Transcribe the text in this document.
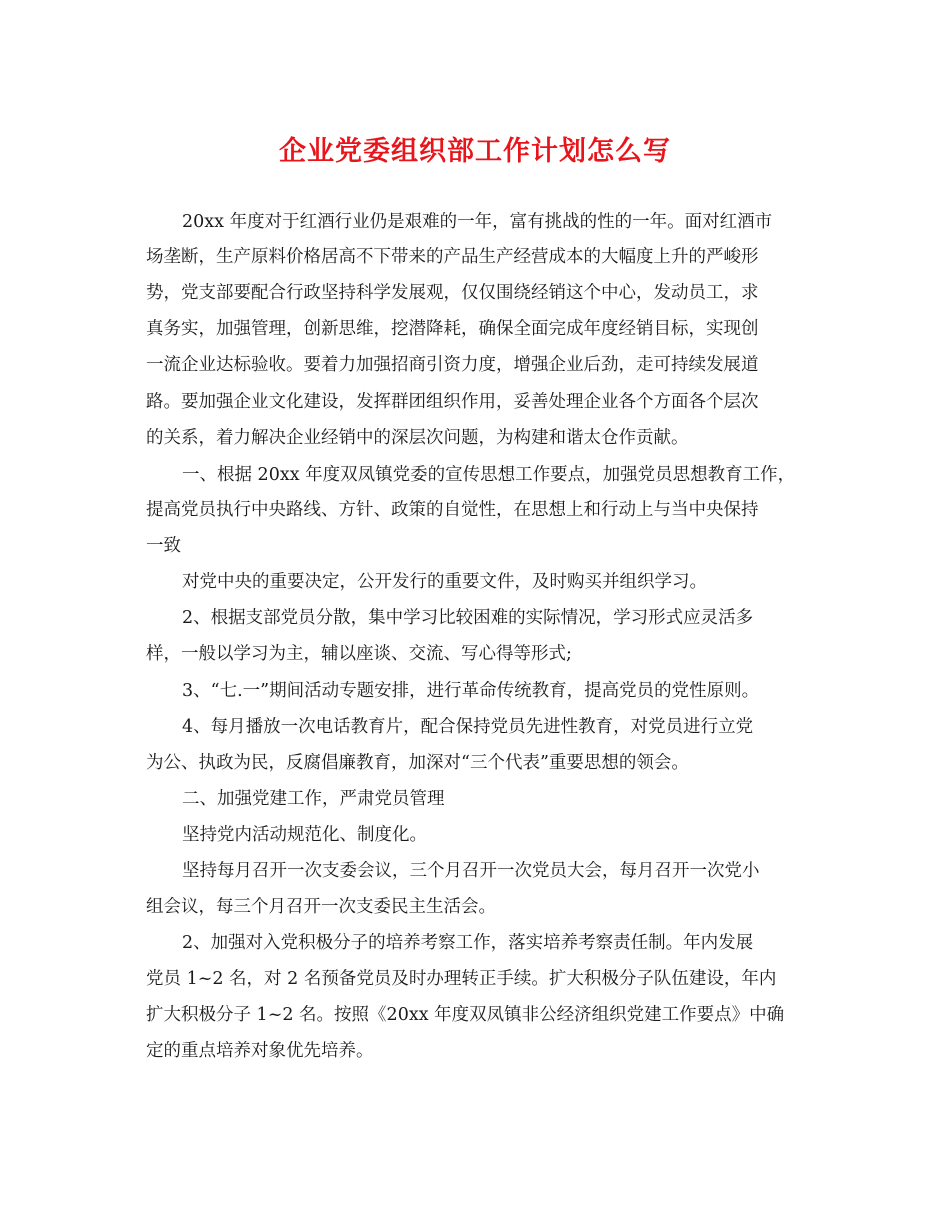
企业党委组织部工作计划怎么写
20xx 年度对于红酒行业仍是艰难的一年，富有挑战的性的一年。面对红酒市
场垄断，生产原料价格居高不下带来的产品生产经营成本的大幅度上升的严峻形
势，党支部要配合行政坚持科学发展观，仅仅围绕经销这个中心，发动员工，求
真务实，加强管理，创新思维，挖潜降耗，确保全面完成年度经销目标，实现创
一流企业达标验收。要着力加强招商引资力度，增强企业后劲，走可持续发展道
路。要加强企业文化建设，发挥群团组织作用，妥善处理企业各个方面各个层次
的关系，着力解决企业经销中的深层次问题，为构建和谐太仓作贡献。
一、根据 20xx 年度双凤镇党委的宣传思想工作要点，加强党员思想教育工作，
提高党员执行中央路线、方针、政策的自觉性，在思想上和行动上与当中央保持
一致
对党中央的重要决定，公开发行的重要文件，及时购买并组织学习。
2、根据支部党员分散，集中学习比较困难的实际情况，学习形式应灵活多
样，一般以学习为主，辅以座谈、交流、写心得等形式;
3、“七.一”期间活动专题安排，进行革命传统教育，提高党员的党性原则。
4、每月播放一次电话教育片，配合保持党员先进性教育，对党员进行立党
为公、执政为民，反腐倡廉教育，加深对“三个代表”重要思想的领会。
二、加强党建工作，严肃党员管理
坚持党内活动规范化、制度化。
坚持每月召开一次支委会议，三个月召开一次党员大会，每月召开一次党小
组会议，每三个月召开一次支委民主生活会。
2、加强对入党积极分子的培养考察工作，落实培养考察责任制。年内发展
党员 1~2 名，对 2 名预备党员及时办理转正手续。扩大积极分子队伍建设，年内
扩大积极分子 1~2 名。按照《20xx 年度双凤镇非公经济组织党建工作要点》中确
定的重点培养对象优先培养。
